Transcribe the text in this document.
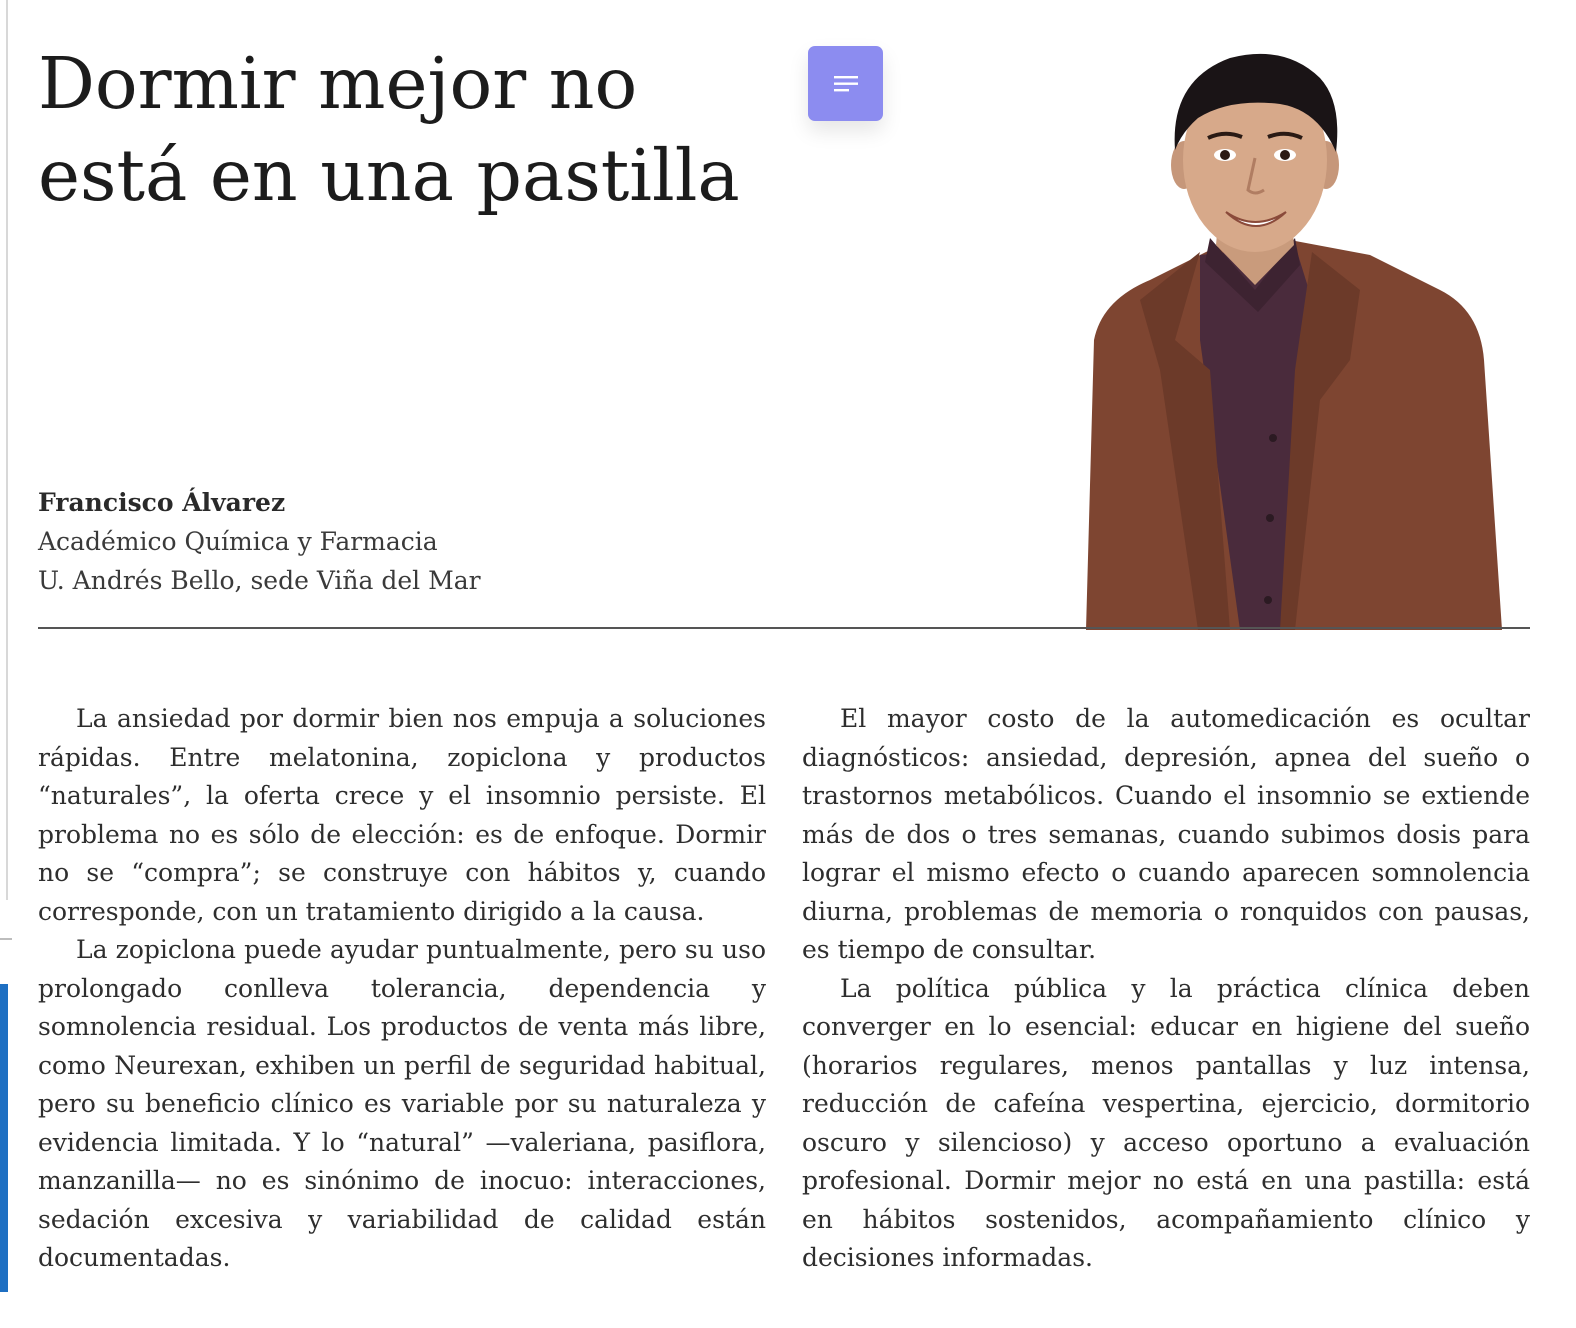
Dormir mejor no está en una pastilla
Francisco Álvarez
Académico Química y Farmacia
U. Andrés Bello, sede Viña del Mar

La ansiedad por dormir bien nos empuja a soluciones rápidas. Entre melatonina, zopiclona y productos “naturales”, la oferta crece y el insomnio persiste. El problema no es sólo de elección: es de enfoque. Dormir no se “compra”; se construye con hábitos y, cuando corresponde, con un tratamiento dirigido a la causa.

La zopiclona puede ayudar puntualmente, pero su uso prolongado conlleva tolerancia, dependencia y somnolencia residual. Los productos de venta más libre, como Neurexan, exhiben un perfil de seguridad habitual, pero su beneficio clínico es variable por su naturaleza y evidencia limitada. Y lo “natural” —valeriana, pasiflora, manzanilla— no es sinónimo de inocuo: interacciones, sedación excesiva y variabilidad de calidad están documentadas.

El mayor costo de la automedicación es ocultar diagnósticos: ansiedad, depresión, apnea del sueño o trastornos metabólicos. Cuando el insomnio se extiende más de dos o tres semanas, cuando subimos dosis para lograr el mismo efecto o cuando aparecen somnolencia diurna, problemas de memoria o ronquidos con pausas, es tiempo de consultar.

La política pública y la práctica clínica deben converger en lo esencial: educar en higiene del sueño (horarios regulares, menos pantallas y luz intensa, reducción de cafeína vespertina, ejercicio, dormitorio oscuro y silencioso) y acceso oportuno a evaluación profesional. Dormir mejor no está en una pastilla: está en hábitos sostenidos, acompañamiento clínico y decisiones informadas.
